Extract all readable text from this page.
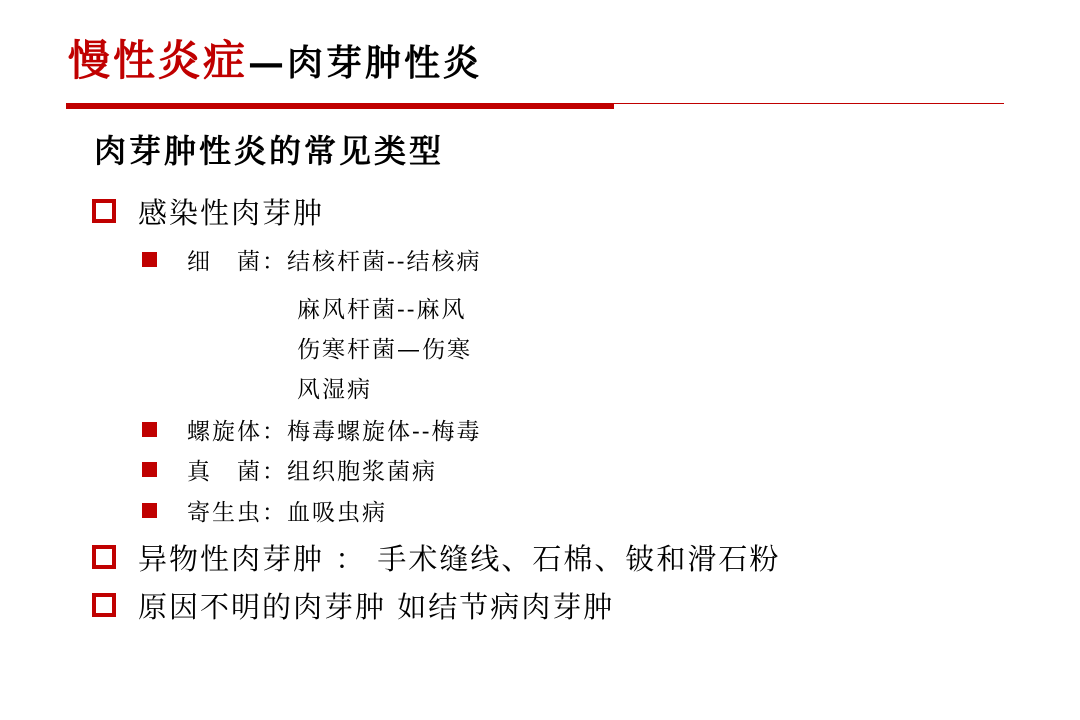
慢性炎症—肉芽肿性炎
肉芽肿性炎的常见类型
感染性肉芽肿
细　菌：结核杆菌--结核病
麻风杆菌--麻风
伤寒杆菌—伤寒
风湿病
螺旋体：梅毒螺旋体--梅毒
真　菌：组织胞浆菌病
寄生虫：血吸虫病
异物性肉芽肿 ： 手术缝线、石棉、铍和滑石粉
原因不明的肉芽肿 如结节病肉芽肿
